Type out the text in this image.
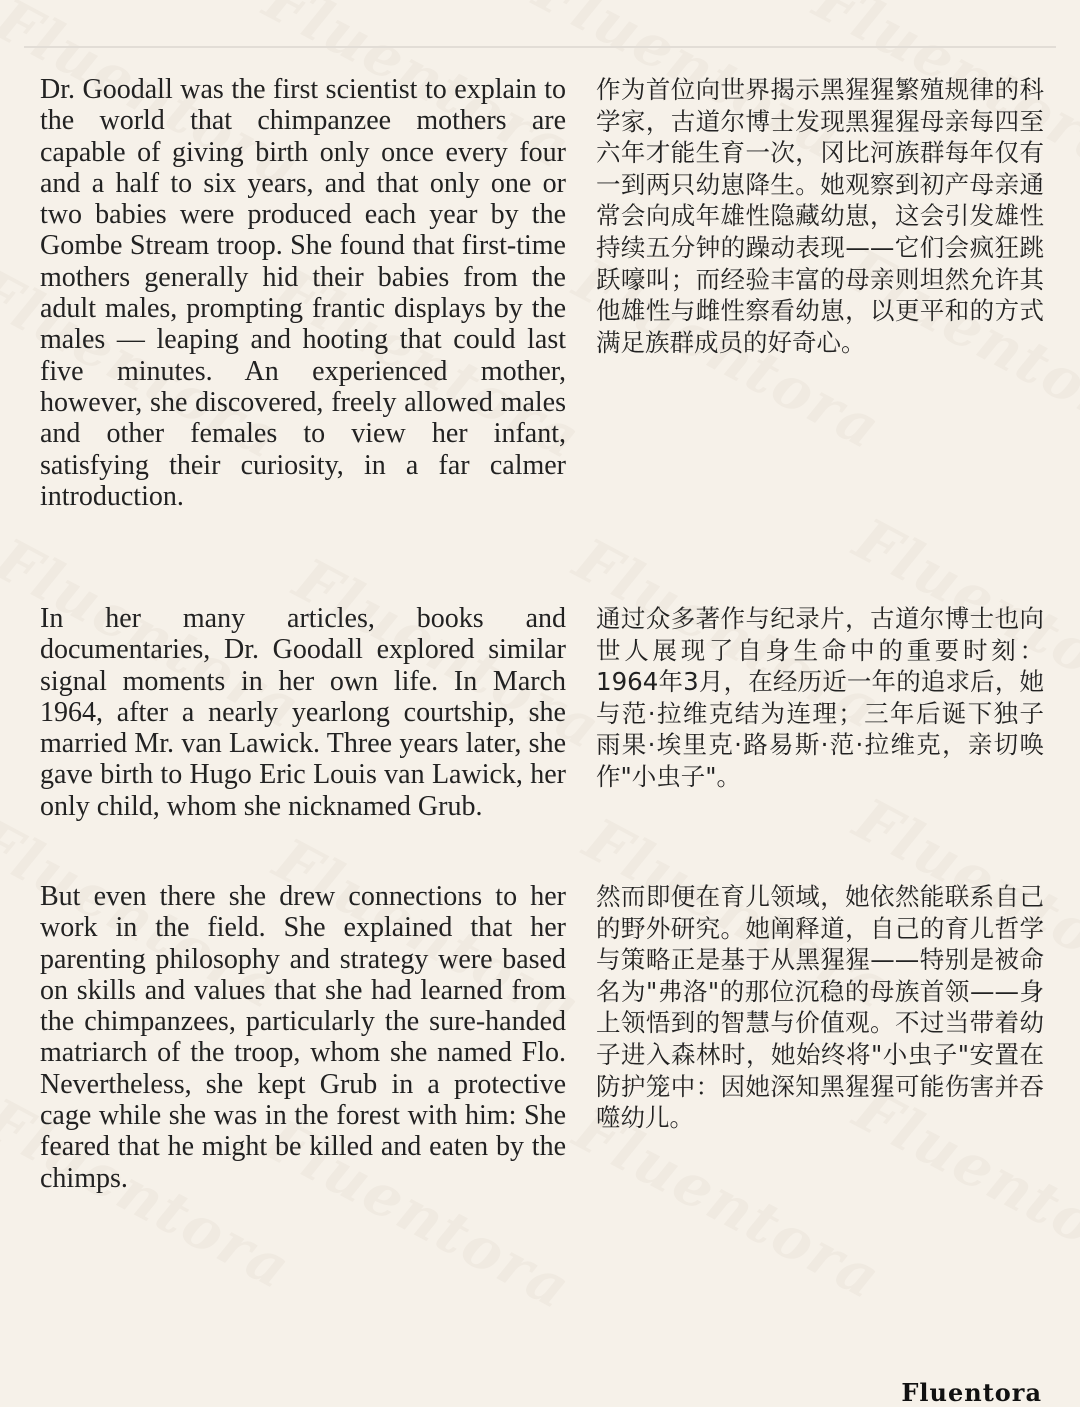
Dr. Goodall was the first scientist to explain to the world that chimpanzee mothers are capable of giving birth only once every four and a half to six years, and that only one or two babies were produced each year by the Gombe Stream troop. She found that first-time mothers generally hid their babies from the adult males, prompting frantic displays by the males — leaping and hooting that could last five minutes. An experienced mother, however, she discovered, freely allowed males and other females to view her infant, satisfying their curiosity, in a far calmer introduction.

作为首位向世界揭示黑猩猩繁殖规律的科学家，古道尔博士发现黑猩猩母亲每四至六年才能生育一次，冈比河族群每年仅有一到两只幼崽降生。她观察到初产母亲通常会向成年雄性隐藏幼崽，这会引发雄性持续五分钟的躁动表现——它们会疯狂跳跃嚎叫；而经验丰富的母亲则坦然允许其他雄性与雌性察看幼崽，以更平和的方式满足族群成员的好奇心。

In her many articles, books and documentaries, Dr. Goodall explored similar signal moments in her own life. In March 1964, after a nearly yearlong courtship, she married Mr. van Lawick. Three years later, she gave birth to Hugo Eric Louis van Lawick, her only child, whom she nicknamed Grub.

通过众多著作与纪录片，古道尔博士也向世人展现了自身生命中的重要时刻：1964年3月，在经历近一年的追求后，她与范·拉维克结为连理；三年后诞下独子雨果·埃里克·路易斯·范·拉维克，亲切唤作"小虫子"。

But even there she drew connections to her work in the field. She explained that her parenting philosophy and strategy were based on skills and values that she had learned from the chimpanzees, particularly the sure-handed matriarch of the troop, whom she named Flo. Nevertheless, she kept Grub in a protective cage while she was in the forest with him: She feared that he might be killed and eaten by the chimps.

然而即便在育儿领域，她依然能联系自己的野外研究。她阐释道，自己的育儿哲学与策略正是基于从黑猩猩——特别是被命名为"弗洛"的那位沉稳的母族首领——身上领悟到的智慧与价值观。不过当带着幼子进入森林时，她始终将"小虫子"安置在防护笼中：因她深知黑猩猩可能伤害并吞噬幼儿。

Fluentora
